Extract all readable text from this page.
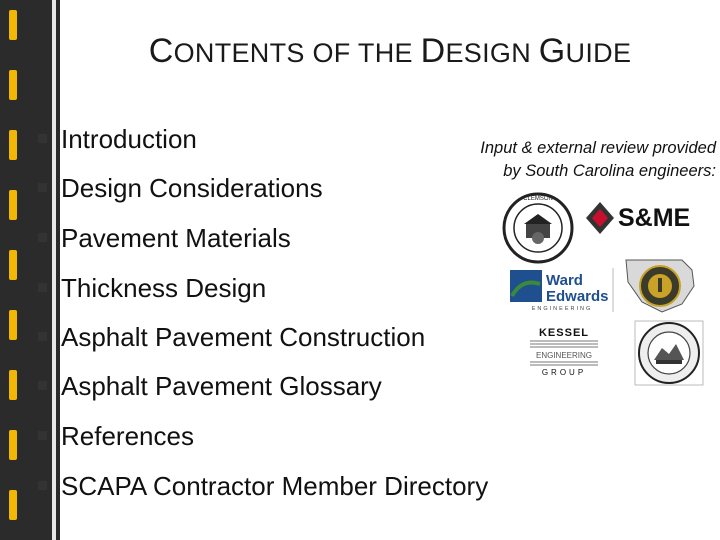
CONTENTS OF THE DESIGN GUIDE
Introduction
Design Considerations
Pavement Materials
Thickness Design
Asphalt Pavement Construction
Asphalt Pavement Glossary
References
SCAPA Contractor Member Directory
Input & external review provided
by South Carolina engineers:
CLEMSON
S&ME
Ward
Edwards
ENGINEERING
KESSEL
ENGINEERING
GROUP
